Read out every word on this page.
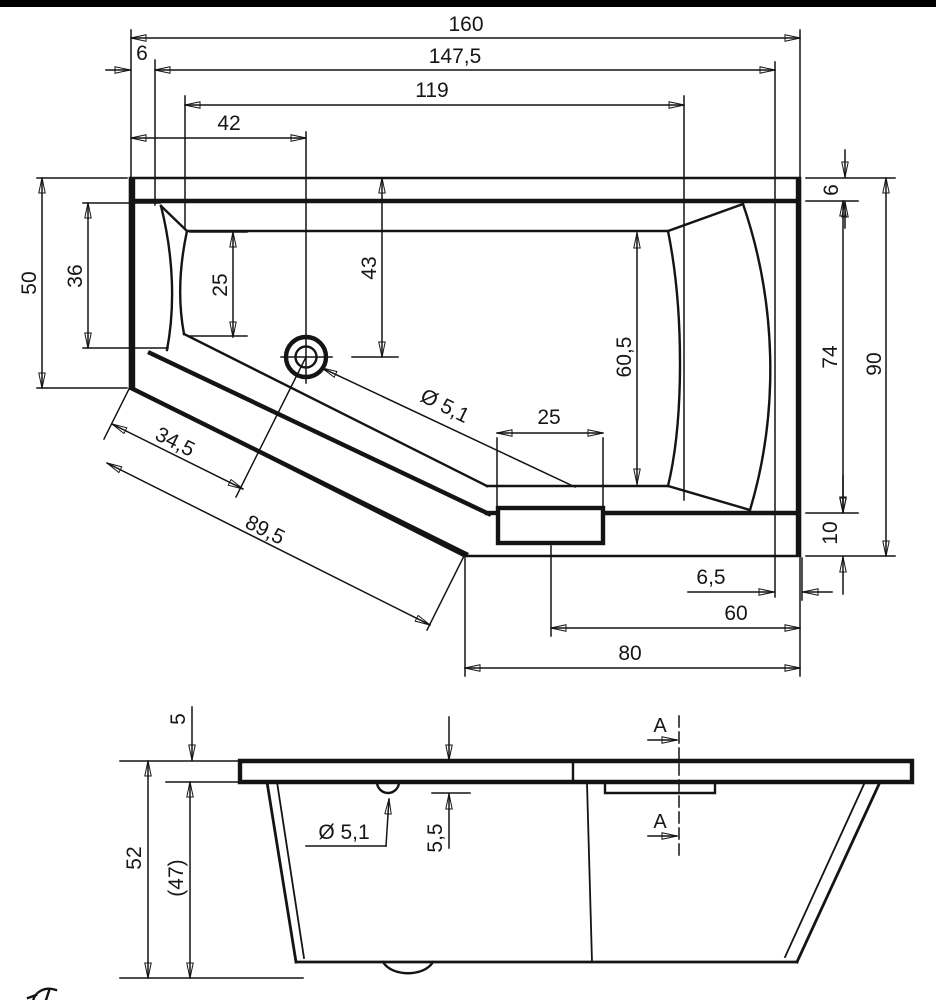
160
6	147,5
119
42
50 36	25
43
60,5
6
74 90
10
25
Ø 5,1
34,5
89,5
6,5
60
80
5
52
(47)
Ø 5,1	5,5
A
A
